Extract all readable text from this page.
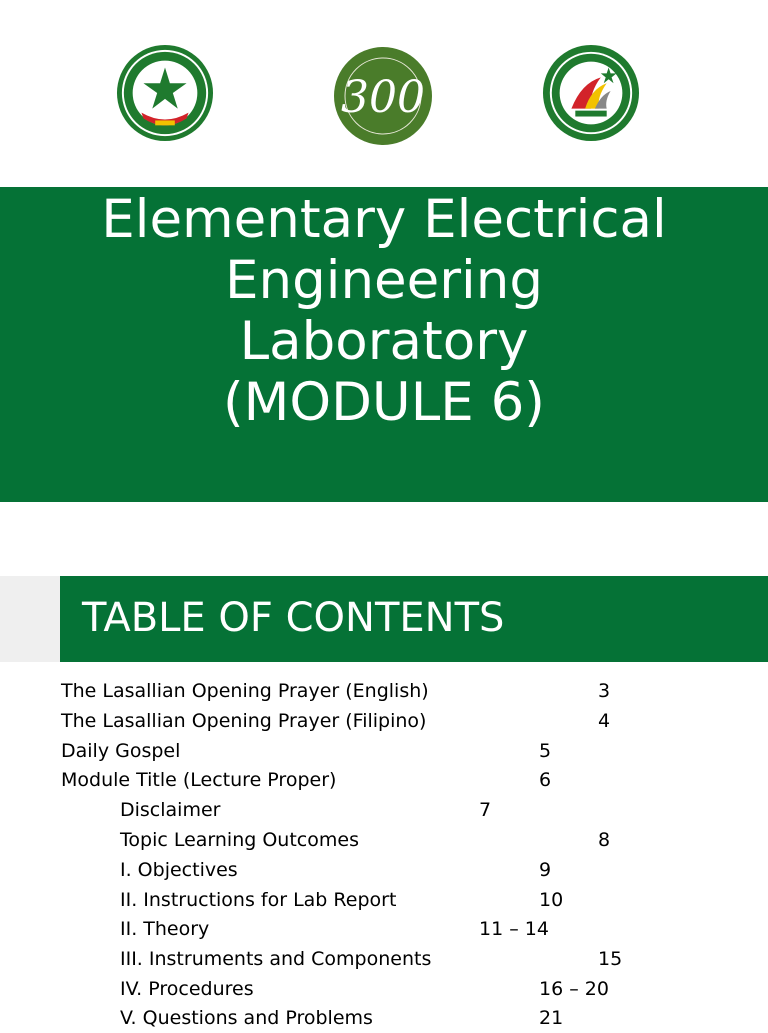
300
Elementary Electrical
Engineering
Laboratory
(MODULE 6)
TABLE OF CONTENTS
The Lasallian Opening Prayer (English)	3
The Lasallian Opening Prayer (Filipino)	4
Daily Gospel	5
Module Title (Lecture Proper)	6
Disclaimer	7
Topic Learning Outcomes	8
I. Objectives	9
II. Instructions for Lab Report	10
II. Theory	11 – 14
III. Instruments and Components	15
IV. Procedures	16 – 20
V. Questions and Problems	21
